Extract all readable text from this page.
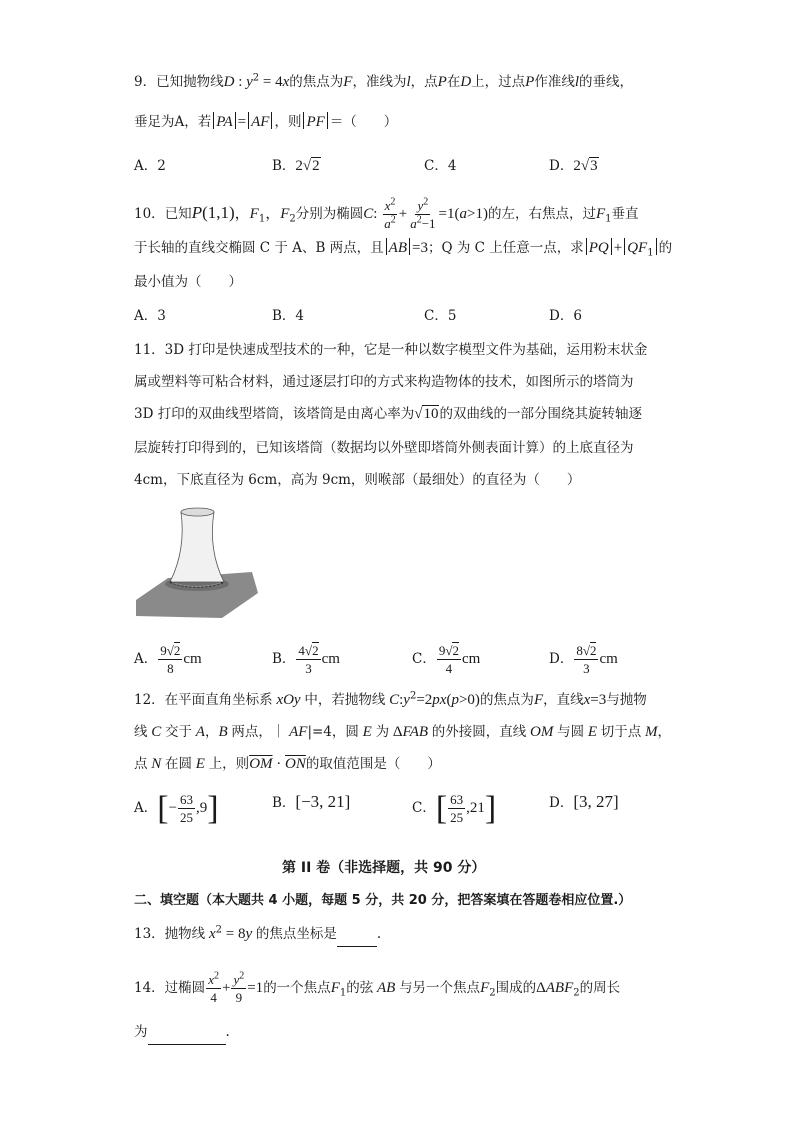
9．已知抛物线D : $y^2 = 4x$的焦点为F，准线为l，点P在D上，过点P作准线l的垂线，
垂足为A，若 PA = AF ，则 PF ＝（　　）
A．2	B．2√2	C．4	D．2√3
10．已知P(1,1)，$F_1$，$F_2$分别为椭圆C: $\frac{x^2}{a^2} + \frac{y^2}{a^2-1} =1(a>1)$的左，右焦点，过$F_1$垂直
于长轴的直线交椭圆 C 于 A、B 两点，且 AB =3；Q 为 C 上任意一点，求 PQ + $QF_1$ 的
最小值为（　　）
A．3	B．4	C．5	D．6
11．3D 打印是快速成型技术的一种，它是一种以数字模型文件为基础，运用粉末状金
属或塑料等可粘合材料，通过逐层打印的方式来构造物体的技术，如图所示的塔筒为
3D 打印的双曲线型塔筒，该塔筒是由离心率为√10的双曲线的一部分围绕其旋转轴逐
层旋转打印得到的，已知该塔筒（数据均以外壁即塔筒外侧表面计算）的上底直径为
4cm，下底直径为 6cm，高为 9cm，则喉部（最细处）的直径为（　　）
A． $\frac{9√2}{8}$ cm	B． $\frac{4√2}{3}$ cm	C． $\frac{9√2}{4}$ cm	D． $\frac{8√2}{3}$ cm
12．在平面直角坐标系 xOy 中，若抛物线 $C:y^2=2px(p>0)$的焦点为F，直线x=3与抛物
线 C 交于 A，B 两点，｜ AF|=4，圆 E 为 ΔFAB 的外接圆，直线 OM 与圆 E 切于点 M，
点 N 在圆 E 上，则$\overline{OM} \cdot \overline{ON}$的取值范围是（　　）
A．[− $\frac{63}{25} ,9$]	B．[−3, 21]	C．[ $\frac{63}{25} ,21$]	D．[3, 27]
第 II 卷（非选择题，共 90 分）
二、填空题（本大题共 4 小题，每题 5 分，共 20 分，把答案填在答题卷相应位置.）
13．抛物线 $x^2 = 8y$ 的焦点坐标是	.
14．过椭圆 $\frac{x^2}{4} + \frac{y^2}{9} =1$的一个焦点$F_1$的弦 AB 与另一个焦点$F_2$围成的$\Delta ABF_2$的周长
为	.
